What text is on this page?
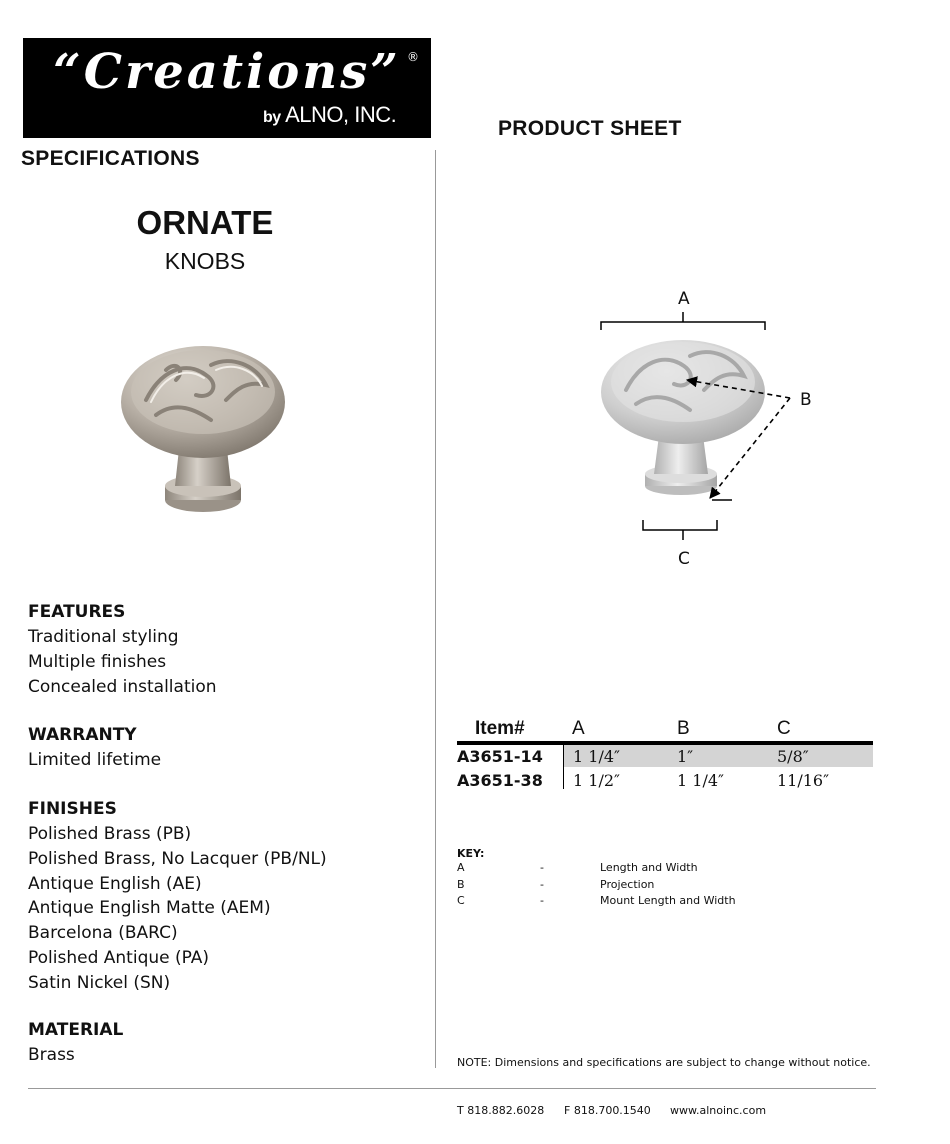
“Creations” ®
by ALNO, INC.
SPECIFICATIONS
PRODUCT SHEET
ORNATE
KNOBS
A
B
C
FEATURES
Traditional styling
Multiple finishes
Concealed installation
WARRANTY
Limited lifetime
FINISHES
Polished Brass (PB)
Polished Brass, No Lacquer (PB/NL)
Antique English (AE)
Antique English Matte (AEM)
Barcelona (BARC)
Polished Antique (PA)
Satin Nickel (SN)
MATERIAL
Brass
Item# A	B	C
A3651-14 1 1/4″	1″	5/8″
A3651-38 1 1/2″	1 1/4″	11/16″
KEY:
A	-	Length and Width
B	-	Projection
C	-	Mount Length and Width
NOTE: Dimensions and specifications are subject to change without notice.
T 818.882.6028 F 818.700.1540 www.alnoinc.com
